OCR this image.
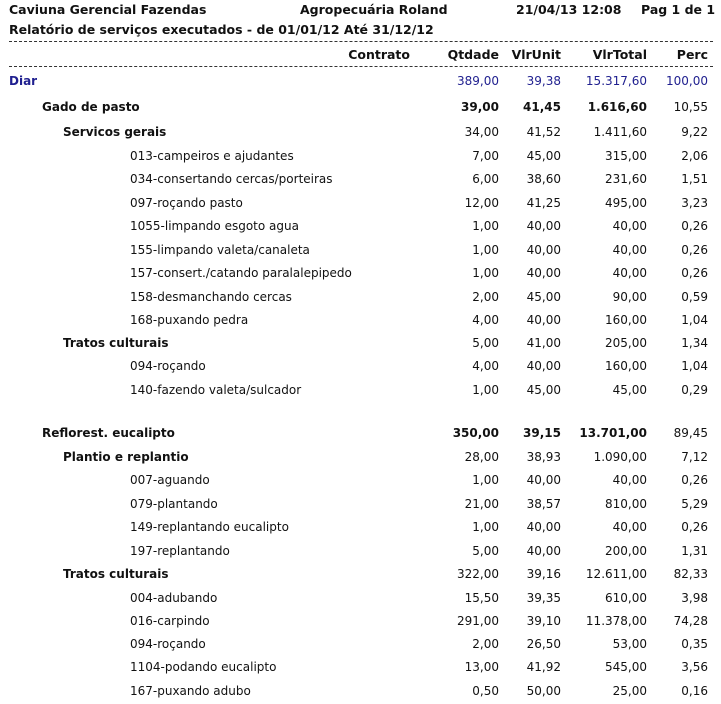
Caviuna Gerencial Fazendas	Agropecuária Roland	21/04/13 12:08 Pag 1 de 1
Relatório de serviços executados - de 01/01/12 Até 31/12/12
Contrato	Qtdade VlrUnit	VlrTotal Perc
Diar	389,00 39,38 15.317,60 100,00
Gado de pasto	39,00 41,45 1.616,60 10,55
Servicos gerais	34,00 41,52	1.411,60	9,22
013-campeiros e ajudantes	7,00 45,00	315,00	2,06
034-consertando cercas/porteiras	6,00 38,60	231,60	1,51
097-roçando pasto	12,00 41,25	495,00	3,23
1055-limpando esgoto agua	1,00 40,00	40,00	0,26
155-limpando valeta/canaleta	1,00 40,00	40,00	0,26
157-consert./catando paralalepipedo	1,00 40,00	40,00	0,26
158-desmanchando cercas	2,00 45,00	90,00	0,59
168-puxando pedra	4,00 40,00	160,00	1,04
Tratos culturais	5,00 41,00	205,00	1,34
094-roçando	4,00 40,00	160,00	1,04
140-fazendo valeta/sulcador	1,00 45,00	45,00	0,29
Reflorest. eucalipto	350,00 39,15 13.701,00 89,45
Plantio e replantio	28,00 38,93	1.090,00	7,12
007-aguando	1,00 40,00	40,00	0,26
079-plantando	21,00 38,57	810,00	5,29
149-replantando eucalipto	1,00 40,00	40,00	0,26
197-replantando	5,00 40,00	200,00	1,31
Tratos culturais	322,00 39,16 12.611,00 82,33
004-adubando	15,50 39,35	610,00	3,98
016-carpindo	291,00 39,10 11.378,00 74,28
094-roçando	2,00 26,50	53,00	0,35
1104-podando eucalipto	13,00 41,92	545,00	3,56
167-puxando adubo	0,50 50,00	25,00	0,16
